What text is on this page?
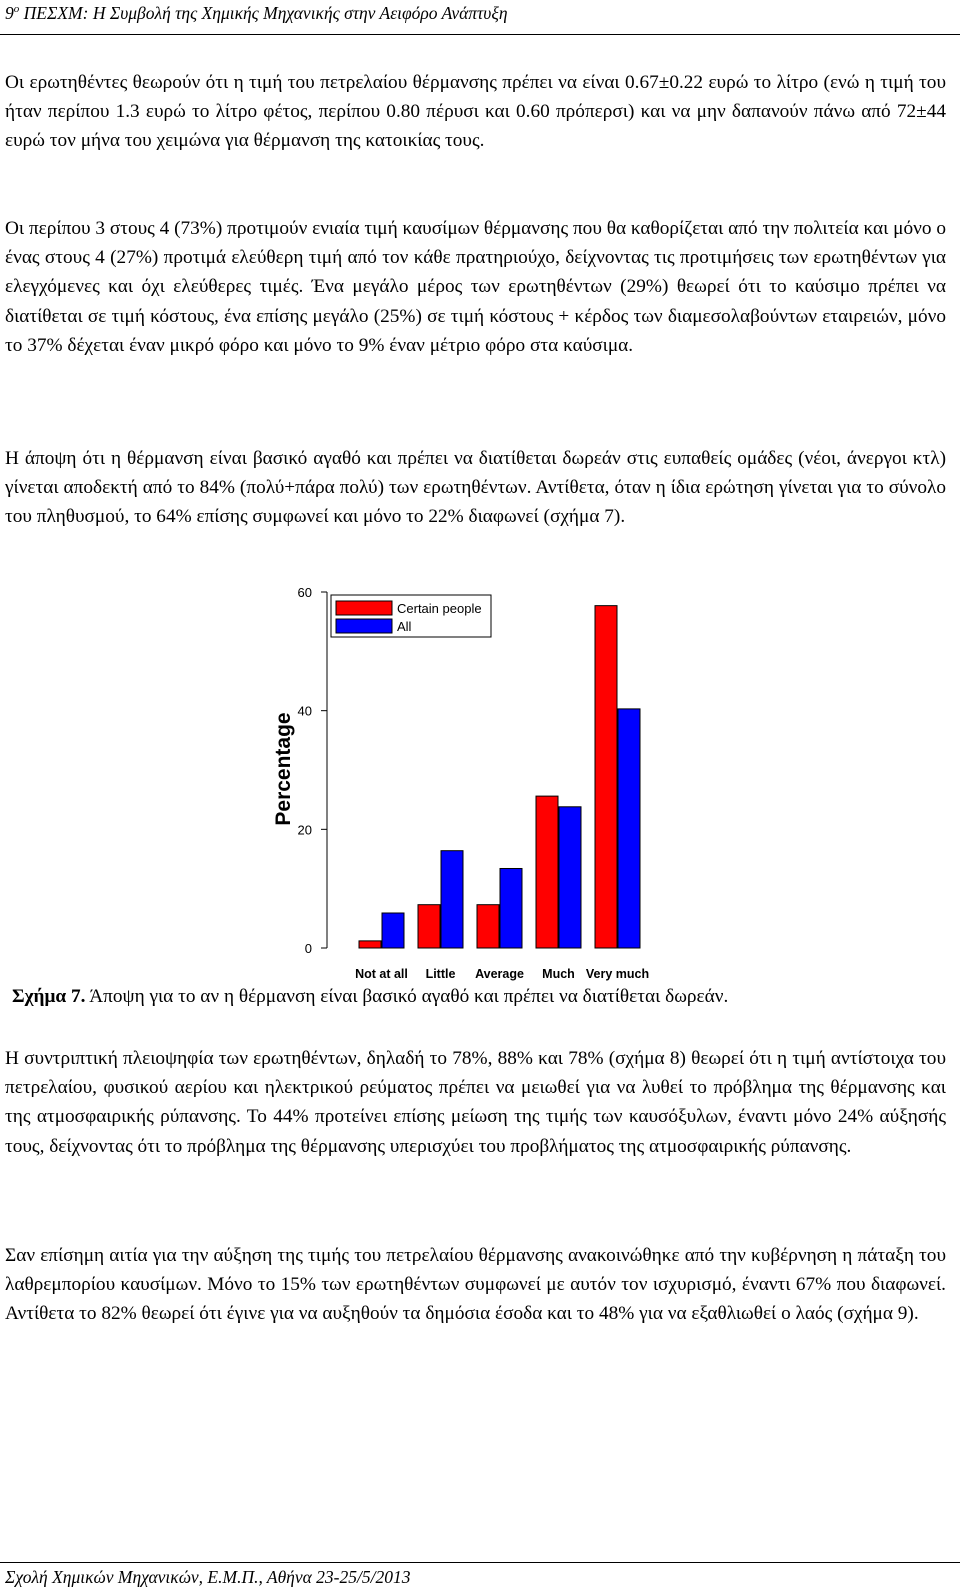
$9^o$ ΠΕΣΧΜ: Η Συμβολή της Χημικής Μηχανικής στην Αειφόρο Ανάπτυξη

Οι ερωτηθέντες θεωρούν ότι η τιμή του πετρελαίου θέρμανσης πρέπει να είναι 0.67±0.22 ευρώ το λίτρο (ενώ η τιμή του ήταν περίπου 1.3 ευρώ το λίτρο φέτος, περίπου 0.80 πέρυσι και 0.60 πρόπερσι) και να μην δαπανούν πάνω από 72±44 ευρώ τον μήνα του χειμώνα για θέρμανση της κατοικίας τους.

Οι περίπου 3 στους 4 (73%) προτιμούν ενιαία τιμή καυσίμων θέρμανσης που θα καθορίζεται από την πολιτεία και μόνο ο ένας στους 4 (27%) προτιμά ελεύθερη τιμή από τον κάθε πρατηριούχο, δείχνοντας τις προτιμήσεις των ερωτηθέντων για ελεγχόμενες και όχι ελεύθερες τιμές. Ένα μεγάλο μέρος των ερωτηθέντων (29%) θεωρεί ότι το καύσιμο πρέπει να διατίθεται σε τιμή κόστους, ένα επίσης μεγάλο (25%) σε τιμή κόστους + κέρδος των διαμεσολαβούντων εταιρειών, μόνο το 37% δέχεται έναν μικρό φόρο και μόνο το 9% έναν μέτριο φόρο στα καύσιμα.

Η άποψη ότι η θέρμανση είναι βασικό αγαθό και πρέπει να διατίθεται δωρεάν στις ευπαθείς ομάδες (νέοι, άνεργοι κτλ) γίνεται αποδεκτή από το 84% (πολύ+πάρα πολύ) των ερωτηθέντων. Αντίθετα, όταν η ίδια ερώτηση γίνεται για το σύνολο του πληθυσμού, το 64% επίσης συμφωνεί και μόνο το 22% διαφωνεί (σχήμα 7).

0
20
40
60
Not at all Little Average Much Very much
Percentage
Certain people
All
Σχήμα 7. Άποψη για το αν η θέρμανση είναι βασικό αγαθό και πρέπει να διατίθεται δωρεάν.

Η συντριπτική πλειοψηφία των ερωτηθέντων, δηλαδή το 78%, 88% και 78% (σχήμα 8) θεωρεί ότι η τιμή αντίστοιχα του πετρελαίου, φυσικού αερίου και ηλεκτρικού ρεύματος πρέπει να μειωθεί για να λυθεί το πρόβλημα της θέρμανσης και της ατμοσφαιρικής ρύπανσης. Το 44% προτείνει επίσης μείωση της τιμής των καυσόξυλων, έναντι μόνο 24% αύξησής τους, δείχνοντας ότι το πρόβλημα της θέρμανσης υπερισχύει του προβλήματος της ατμοσφαιρικής ρύπανσης.

Σαν επίσημη αιτία για την αύξηση της τιμής του πετρελαίου θέρμανσης ανακοινώθηκε από την κυβέρνηση η πάταξη του λαθρεμπορίου καυσίμων. Μόνο το 15% των ερωτηθέντων συμφωνεί με αυτόν τον ισχυρισμό, έναντι 67% που διαφωνεί. Αντίθετα το 82% θεωρεί ότι έγινε για να αυξηθούν τα δημόσια έσοδα και το 48% για να εξαθλιωθεί ο λαός (σχήμα 9).

Σχολή Χημικών Μηχανικών, Ε.Μ.Π., Αθήνα 23-25/5/2013
